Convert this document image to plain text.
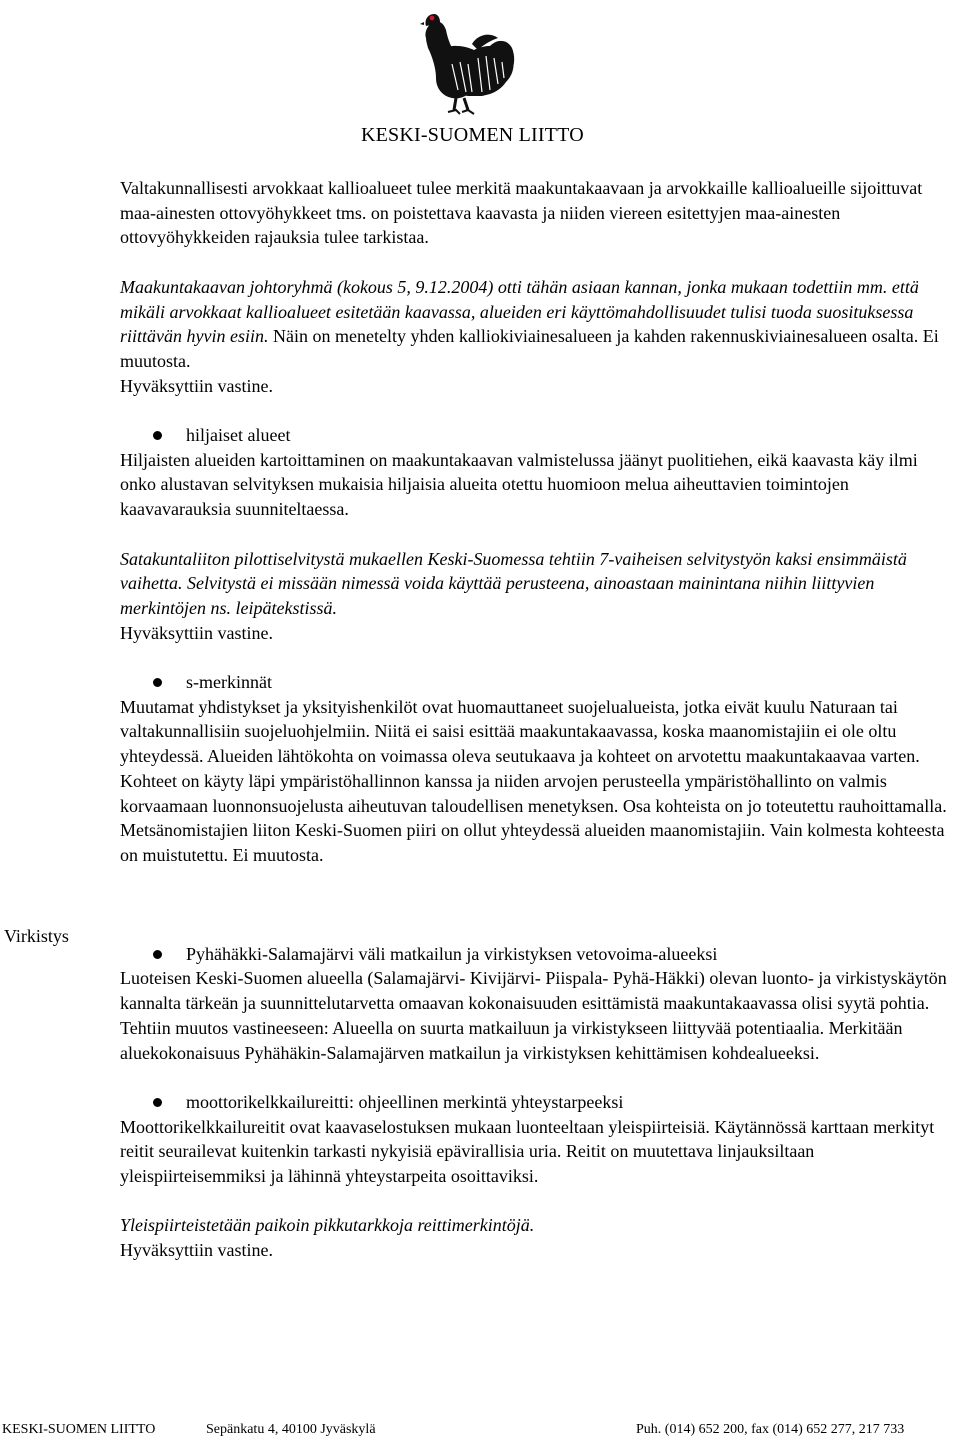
KESKI-SUOMEN LIITTO
Virkistys

Valtakunnallisesti arvokkaat kallioalueet tulee merkitä maakuntakaavaan ja arvokkaille kallioalueille sijoittuvat maa-ainesten ottovyöhykkeet tms. on poistettava kaavasta ja niiden viereen esitettyjen maa-ainesten ottovyöhykkeiden rajauksia tulee tarkistaa.

Maakuntakaavan johtoryhmä (kokous 5, 9.12.2004) otti tähän asiaan kannan, jonka mukaan todettiin mm. että mikäli arvokkaat kallioalueet esitetään kaavassa, alueiden eri käyttömahdollisuudet tulisi tuoda suosituksessa riittävän hyvin esiin. Näin on menetelty yhden kalliokiviainesalueen ja kahden rakennuskiviainesalueen osalta. Ei muutosta.

Hyväksyttiin vastine.

hiljaiset alueet

Hiljaisten alueiden kartoittaminen on maakuntakaavan valmistelussa jäänyt puolitiehen, eikä kaavasta käy ilmi onko alustavan selvityksen mukaisia hiljaisia alueita otettu huomioon melua aiheuttavien toimintojen kaavavarauksia suunniteltaessa.

Satakuntaliiton pilottiselvitystä mukaellen Keski-Suomessa tehtiin 7-vaiheisen selvitystyön kaksi ensimmäistä vaihetta. Selvitystä ei missään nimessä voida käyttää perusteena, ainoastaan mainintana niihin liittyvien merkintöjen ns. leipätekstissä.

Hyväksyttiin vastine.

s-merkinnät

Muutamat yhdistykset ja yksityishenkilöt ovat huomauttaneet suojelualueista, jotka eivät kuulu Naturaan tai valtakunnallisiin suojeluohjelmiin. Niitä ei saisi esittää maakuntakaavassa, koska maanomistajiin ei ole oltu yhteydessä. Alueiden lähtökohta on voimassa oleva seutukaava ja kohteet on arvotettu maakuntakaavaa varten. Kohteet on käyty läpi ympäristöhallinnon kanssa ja niiden arvojen perusteella ympäristöhallinto on valmis korvaamaan luonnonsuojelusta aiheutuvan taloudellisen menetyksen. Osa kohteista on jo toteutettu rauhoittamalla. Metsänomistajien liiton Keski-Suomen piiri on ollut yhteydessä alueiden maanomistajiin. Vain kolmesta kohteesta on muistutettu. Ei muutosta.

Pyhähäkki-Salamajärvi väli matkailun ja virkistyksen vetovoima-alueeksi

Luoteisen Keski-Suomen alueella (Salamajärvi- Kivijärvi- Piispala- Pyhä-Häkki) olevan luonto- ja virkistyskäytön kannalta tärkeän ja suunnittelutarvetta omaavan kokonaisuuden esittämistä maakuntakaavassa olisi syytä pohtia.

Tehtiin muutos vastineeseen: Alueella on suurta matkailuun ja virkistykseen liittyvää potentiaalia. Merkitään aluekokonaisuus Pyhähäkin-Salamajärven matkailun ja virkistyksen kehittämisen kohdealueeksi.

moottorikelkkailureitti: ohjeellinen merkintä yhteystarpeeksi

Moottorikelkkailureitit ovat kaavaselostuksen mukaan luonteeltaan yleispiirteisiä. Käytännössä karttaan merkityt reitit seurailevat kuitenkin tarkasti nykyisiä epävirallisia uria. Reitit on muutettava linjauksiltaan yleispiirteisemmiksi ja lähinnä yhteystarpeita osoittaviksi.

Yleispiirteistetään paikoin pikkutarkkoja reittimerkintöjä.

Hyväksyttiin vastine.

KESKI-SUOMEN LIITTO	Sepänkatu 4, 40100 Jyväskylä	Puh. (014) 652 200, fax (014) 652 277, 217 733
